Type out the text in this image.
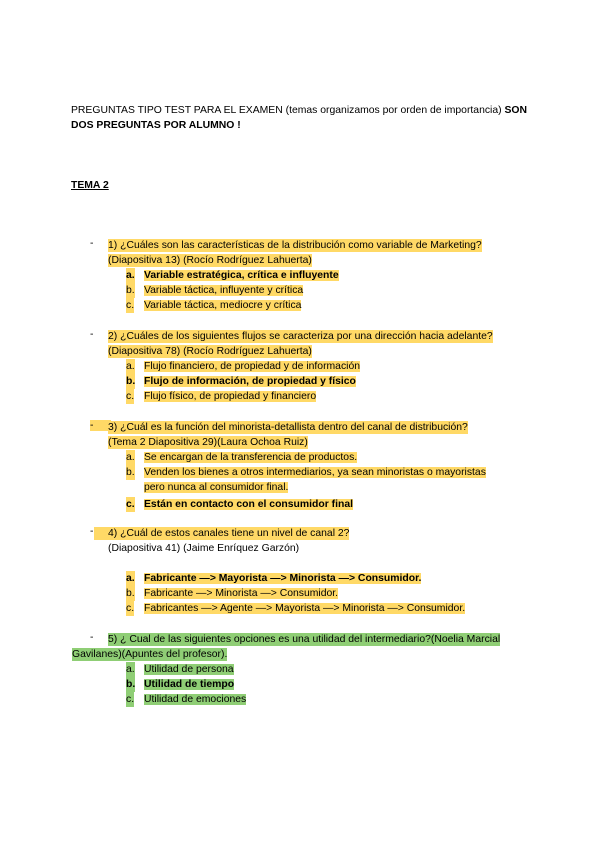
PREGUNTAS TIPO TEST PARA EL EXAMEN (temas organizamos por orden de importancia) SON DOS PREGUNTAS POR ALUMNO !
TEMA 2
- 1) ¿Cuáles son las características de la distribución como variable de Marketing?
(Diapositiva 13) (Rocío Rodríguez Lahuerta)
a. Variable estratégica, crítica e influyente
b. Variable táctica, influyente y crítica
c. Variable táctica, mediocre y crítica
- 2) ¿Cuáles de los siguientes flujos se caracteriza por una dirección hacia adelante?
(Diapositiva 78) (Rocío Rodríguez Lahuerta)
a. Flujo financiero, de propiedad y de información
b. Flujo de información, de propiedad y físico
c. Flujo físico, de propiedad y financiero
-	3) ¿Cuál es la función del minorista-detallista dentro del canal de distribución?
(Tema 2 Diapositiva 29)(Laura Ochoa Ruiz)
a. Se encargan de la transferencia de productos.
b. Venden los bienes a otros intermediarios, ya sean minoristas o mayoristas
pero nunca al consumidor final.
c. Están en contacto con el consumidor final
- 4) ¿Cuál de estos canales tiene un nivel de canal 2?
(Diapositiva 41) (Jaime Enríquez Garzón)
a. Fabricante —> Mayorista —> Minorista —> Consumidor.
b. Fabricante —> Minorista —> Consumidor.
c. Fabricantes —> Agente —> Mayorista —> Minorista —> Consumidor.
- 5) ¿ Cual de las siguientes opciones es una utilidad del intermediario?(Noelia Marcial
Gavilanes)(Apuntes del profesor).
a. Utilidad de persona
b. Utilidad de tiempo
c. Utilidad de emociones
